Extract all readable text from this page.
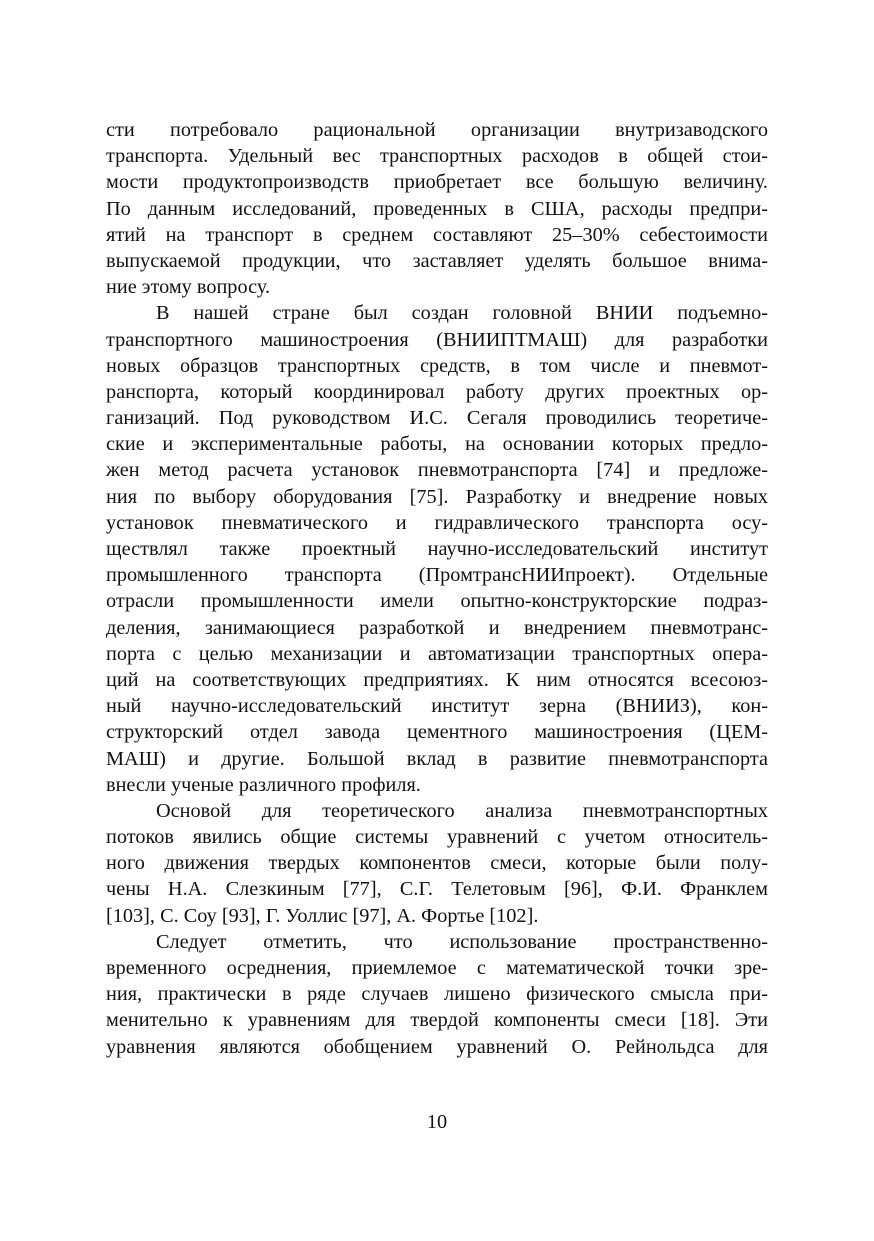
сти потребовало рациональной организации внутризаводского
транспорта. Удельный вес транспортных расходов в общей стои-
мости продуктопроизводств приобретает все большую величину.
По данным исследований, проведенных в США, расходы предпри-
ятий на транспорт в среднем составляют 25–30% себестоимости
выпускаемой продукции, что заставляет уделять большое внима-
ние этому вопросу.
В нашей стране был создан головной ВНИИ подъемно-
транспортного машиностроения (ВНИИПТМАШ) для разработки
новых образцов транспортных средств, в том числе и пневмот-
ранспорта, который координировал работу других проектных ор-
ганизаций. Под руководством И.С. Сегаля проводились теоретиче-
ские и экспериментальные работы, на основании которых предло-
жен метод расчета установок пневмотранспорта [74] и предложе-
ния по выбору оборудования [75]. Разработку и внедрение новых
установок пневматического и гидравлического транспорта осу-
ществлял также проектный научно-исследовательский институт
промышленного транспорта (ПромтрансНИИпроект). Отдельные
отрасли промышленности имели опытно-конструкторские подраз-
деления, занимающиеся разработкой и внедрением пневмотранс-
порта с целью механизации и автоматизации транспортных опера-
ций на соответствующих предприятиях. К ним относятся всесоюз-
ный научно-исследовательский институт зерна (ВНИИЗ), кон-
структорский отдел завода цементного машиностроения (ЦЕМ-
МАШ) и другие. Большой вклад в развитие пневмотранспорта
внесли ученые различного профиля.
Основой для теоретического анализа пневмотранспортных
потоков явились общие системы уравнений с учетом относитель-
ного движения твердых компонентов смеси, которые были полу-
чены Н.А. Слезкиным [77], С.Г. Телетовым [96], Ф.И. Франклем
[103], С. Соу [93], Г. Уоллис [97], А. Фортье [102].
Следует отметить, что использование пространственно-
временного осреднения, приемлемое с математической точки зре-
ния, практически в ряде случаев лишено физического смысла при-
менительно к уравнениям для твердой компоненты смеси [18]. Эти
уравнения являются обобщением уравнений О. Рейнольдса для
10
